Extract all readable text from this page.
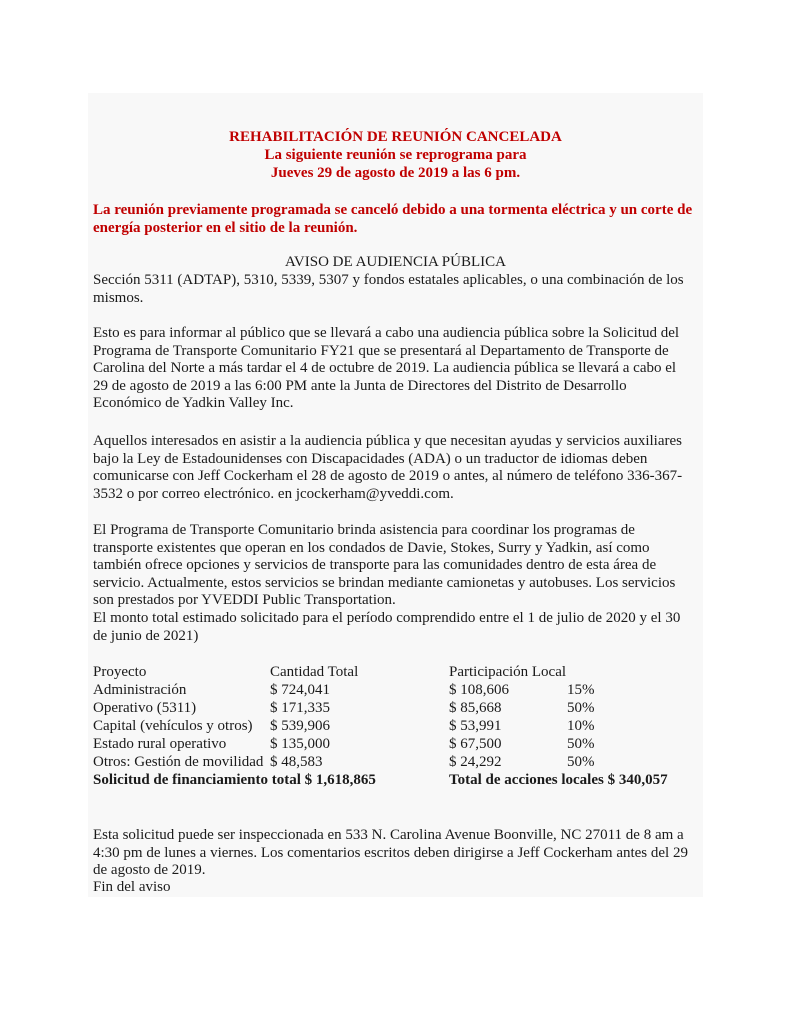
REHABILITACIÓN DE REUNIÓN CANCELADA
La siguiente reunión se reprograma para
Jueves 29 de agosto de 2019 a las 6 pm.

La reunión previamente programada se canceló debido a una tormenta eléctrica y un corte de energía posterior en el sitio de la reunión.

AVISO DE AUDIENCIA PÚBLICA

Sección 5311 (ADTAP), 5310, 5339, 5307 y fondos estatales aplicables, o una combinación de los mismos.

Esto es para informar al público que se llevará a cabo una audiencia pública sobre la Solicitud del Programa de Transporte Comunitario FY21 que se presentará al Departamento de Transporte de Carolina del Norte a más tardar el 4 de octubre de 2019. La audiencia pública se llevará a cabo el 29 de agosto de 2019 a las 6:00 PM ante la Junta de Directores del Distrito de Desarrollo Económico de Yadkin Valley Inc.

Aquellos interesados en asistir a la audiencia pública y que necesitan ayudas y servicios auxiliares bajo la Ley de Estadounidenses con Discapacidades (ADA) o un traductor de idiomas deben comunicarse con Jeff Cockerham el 28 de agosto de 2019 o antes, al número de teléfono 336-367-3532 o por correo electrónico. en jcockerham@yveddi.com.

El Programa de Transporte Comunitario brinda asistencia para coordinar los programas de transporte existentes que operan en los condados de Davie, Stokes, Surry y Yadkin, así como también ofrece opciones y servicios de transporte para las comunidades dentro de esta área de servicio. Actualmente, estos servicios se brindan mediante camionetas y autobuses. Los servicios son prestados por YVEDDI Public Transportation.

El monto total estimado solicitado para el período comprendido entre el 1 de julio de 2020 y el 30 de junio de 2021)

Proyecto	Cantidad Total	Participación Local
Administración	$ 724,041	$ 108,606	15%
Operativo (5311)	$ 171,335	$ 85,668	50%
Capital (vehículos y otros) $ 539,906	$ 53,991	10%
Estado rural operativo	$ 135,000	$ 67,500	50%
Otros: Gestión de movilidad $ 48,583	$ 24,292	50%
Solicitud de financiamiento total $ 1,618,865	Total de acciones locales $ 340,057

Esta solicitud puede ser inspeccionada en 533 N. Carolina Avenue Boonville, NC 27011 de 8 am a 4:30 pm de lunes a viernes. Los comentarios escritos deben dirigirse a Jeff Cockerham antes del 29 de agosto de 2019.

Fin del aviso
